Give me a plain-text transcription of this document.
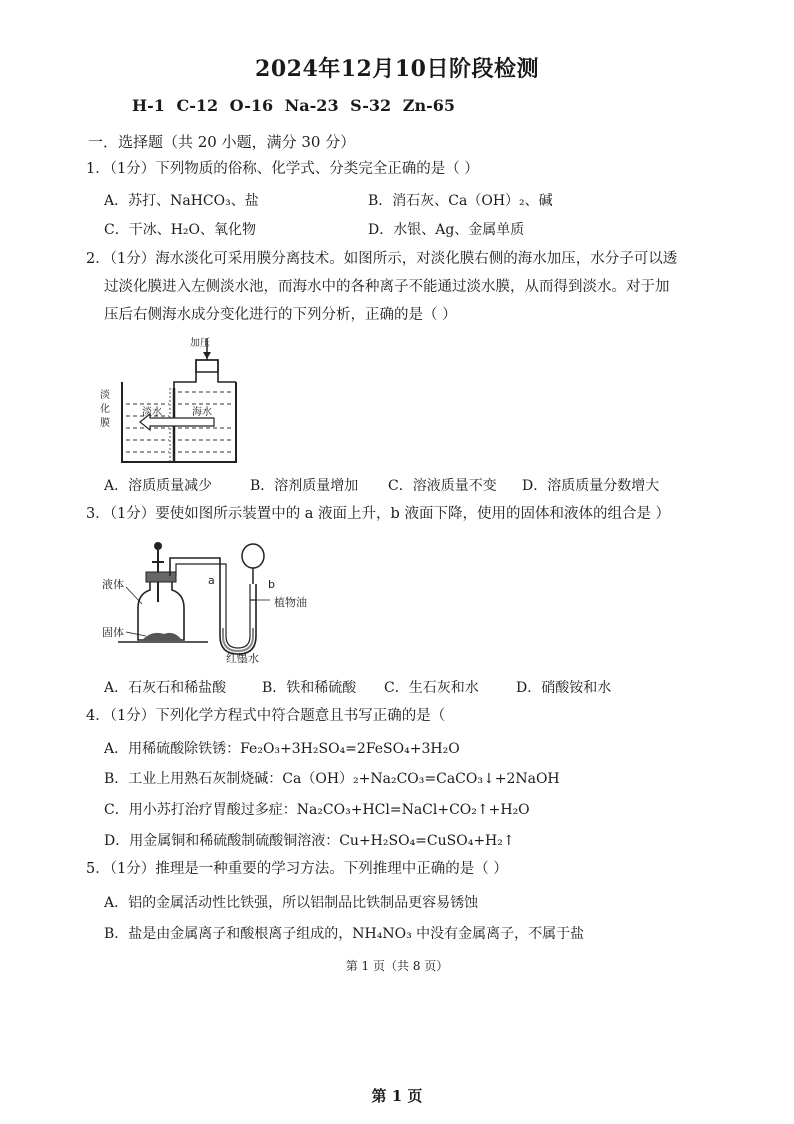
2024年12月10日阶段检测
H-1 C-12 O-16 Na-23 S-32 Zn-65
一．选择题（共 20 小题，满分 30 分）
1．（1分）下列物质的俗称、化学式、分类完全正确的是（ ）
A．苏打、NaHCO₃、盐	B．消石灰、Ca（OH）₂、碱
C．干冰、H₂O、氧化物	D．水银、Ag、金属单质
2．（1分）海水淡化可采用膜分离技术。如图所示，对淡化膜右侧的海水加压，水分子可以透
过淡化膜进入左侧淡水池，而海水中的各种离子不能通过淡水膜，从而得到淡水。对于加
压后右侧海水成分变化进行的下列分析，正确的是（ ）
加压
淡
化
膜
淡水	海水
A．溶质质量减少	B．溶剂质量增加 C．溶液质量不变 D．溶质质量分数增大
3．（1分）要使如图所示装置中的 a 液面上升，b 液面下降，使用的固体和液体的组合是 ）
液体
固体
a	b
植物油
红墨水
A．石灰石和稀盐酸	B．铁和稀硫酸 C．生石灰和水	D．硝酸铵和水
4．（1分）下列化学方程式中符合题意且书写正确的是（
A．用稀硫酸除铁锈：Fe₂O₃+3H₂SO₄=2FeSO₄+3H₂O
B．工业上用熟石灰制烧碱：Ca（OH）₂+Na₂CO₃=CaCO₃↓+2NaOH
C．用小苏打治疗胃酸过多症：Na₂CO₃+HCl=NaCl+CO₂↑+H₂O
D．用金属铜和稀硫酸制硫酸铜溶液：Cu+H₂SO₄=CuSO₄+H₂↑
5．（1分）推理是一种重要的学习方法。下列推理中正确的是（ ）
A．铝的金属活动性比铁强，所以铝制品比铁制品更容易锈蚀
B．盐是由金属离子和酸根离子组成的，NH₄NO₃ 中没有金属离子，不属于盐
第 1 页（共 8 页）
第 1 页
